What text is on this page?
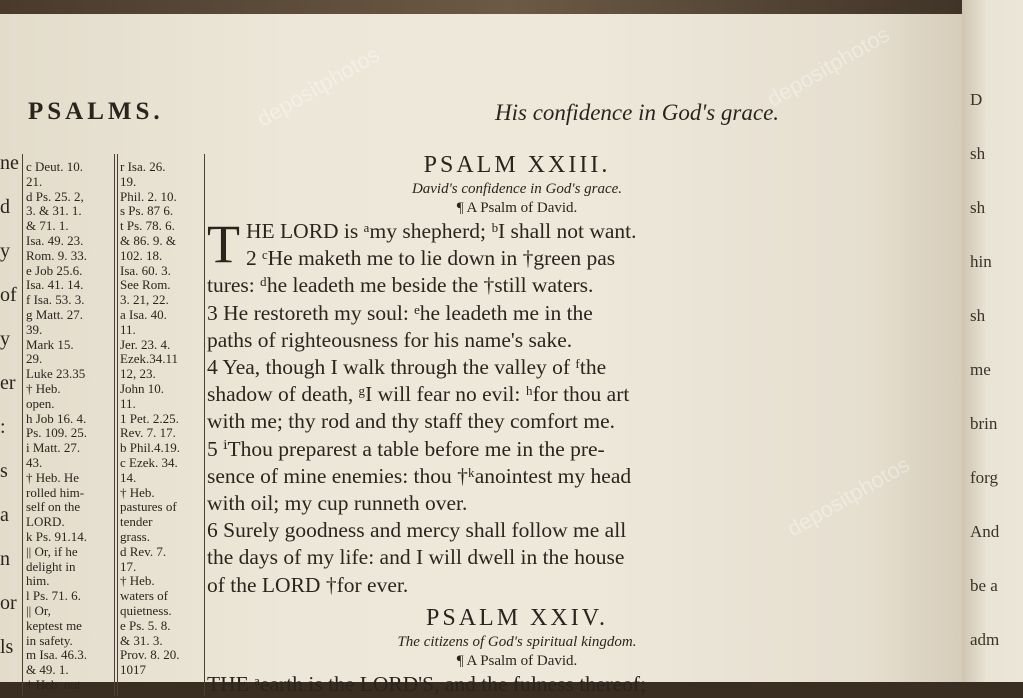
PSALMS.	His confidence in God's grace.
ne
d
y
of
y
er
:
s
a
n
or
ls
c Deut. 10.
21.
d Ps. 25. 2,
3. & 31. 1.
& 71. 1.
Isa. 49. 23.
Rom. 9. 33.
e Job 25.6.
Isa. 41. 14.
f Isa. 53. 3.
g Matt. 27.
39.
Mark 15.
29.
Luke 23.35
† Heb.
open.
h Job 16. 4.
Ps. 109. 25.
i Matt. 27.
43.
† Heb. He
rolled him-
self on the
LORD.
k Ps. 91.14.
|| Or, if he
delight in
him.
l Ps. 71. 6.
|| Or,
keptest me
in safety.
m Isa. 46.3.
& 49. 1.
† Heb. out
r Isa. 26.
19.
Phil. 2. 10.
s Ps. 87 6.
t Ps. 78. 6.
& 86. 9. &
102. 18.
Isa. 60. 3.
See Rom.
3. 21, 22.
a Isa. 40.
11.
Jer. 23. 4.
Ezek.34.11
12, 23.
John 10.
11.
1 Pet. 2.25.
Rev. 7. 17.
b Phil.4.19.
c Ezek. 34.
14.
† Heb.
pastures of
tender
grass.
d Rev. 7.
17.
† Heb.
waters of
quietness.
e Ps. 5. 8.
& 31. 3.
Prov. 8. 20.
1017
PSALM XXIII.
David's confidence in God's grace.
¶ A Psalm of David.
T HE LORD is ᵃmy shepherd; ᵇI shall not want.
2 ᶜHe maketh me to lie down in †green pas
tures: ᵈhe leadeth me beside the †still waters.
3 He restoreth my soul: ᵉhe leadeth me in the
paths of righteousness for his name's sake.
4 Yea, though I walk through the valley of ᶠthe
shadow of death, ᵍI will fear no evil: ʰfor thou art
with me; thy rod and thy staff they comfort me.
5 ⁱThou preparest a table before me in the pre-
sence of mine enemies: thou †ᵏanointest my head
with oil; my cup runneth over.
6 Surely goodness and mercy shall follow me all
the days of my life: and I will dwell in the house
of the LORD †for ever.
PSALM XXIV.
The citizens of God's spiritual kingdom.
¶ A Psalm of David.
THE ᵃearth is the LORD'S, and the fulness thereof;
depositphotos	depositphotos
depositphotos
D
sh
sh
hin
sh
me
brin
forg
And
be a
adm
